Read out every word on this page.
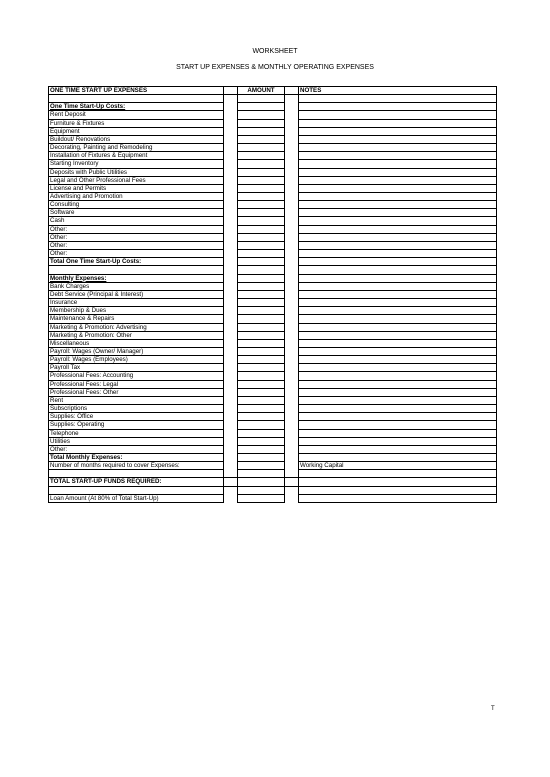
WORKSHEET
START UP EXPENSES & MONTHLY OPERATING EXPENSES
ONE TIME START UP EXPENSES		AMOUNT		NOTES

One Time Start-Up Costs:				
Rent Deposit				
Furniture & Fixtures				
Equipment				
Buildout/ Renovations				
Decorating, Painting and Remodeling				
Installation of Fixtures & Equipment				
Starting Inventory				
Deposits with Public Utilities				
Legal and Other Professional Fees				
License and Permits				
Advertising and Promotion				
Consulting				
Software				
Cash				
Other:				
Other:				
Other:				
Other:				
Total One Time Start-Up Costs:				

Monthly Expenses:				
Bank Charges				
Debt Service (Principal & Interest)				
Insurance				
Membership & Dues				
Maintenance & Repairs				
Marketing & Promotion: Advertising				
Marketing & Promotion: Other				
Miscellaneous				
Payroll: Wages (Owner/ Manager)				
Payroll: Wages (Employees)				
Payroll Tax				
Professional Fees: Accounting				
Professional Fees: Legal				
Professional Fees: Other				
Rent				
Subscriptions				
Supplies: Office				
Supplies: Operating				
Telephone				
Utilities				
Other:				
Total Monthly Expenses:				
Number of months required to cover Expenses:				Working Capital

TOTAL START-UP FUNDS REQUIRED:				

Loan Amount (At 80% of Total Start-Up)				
T
